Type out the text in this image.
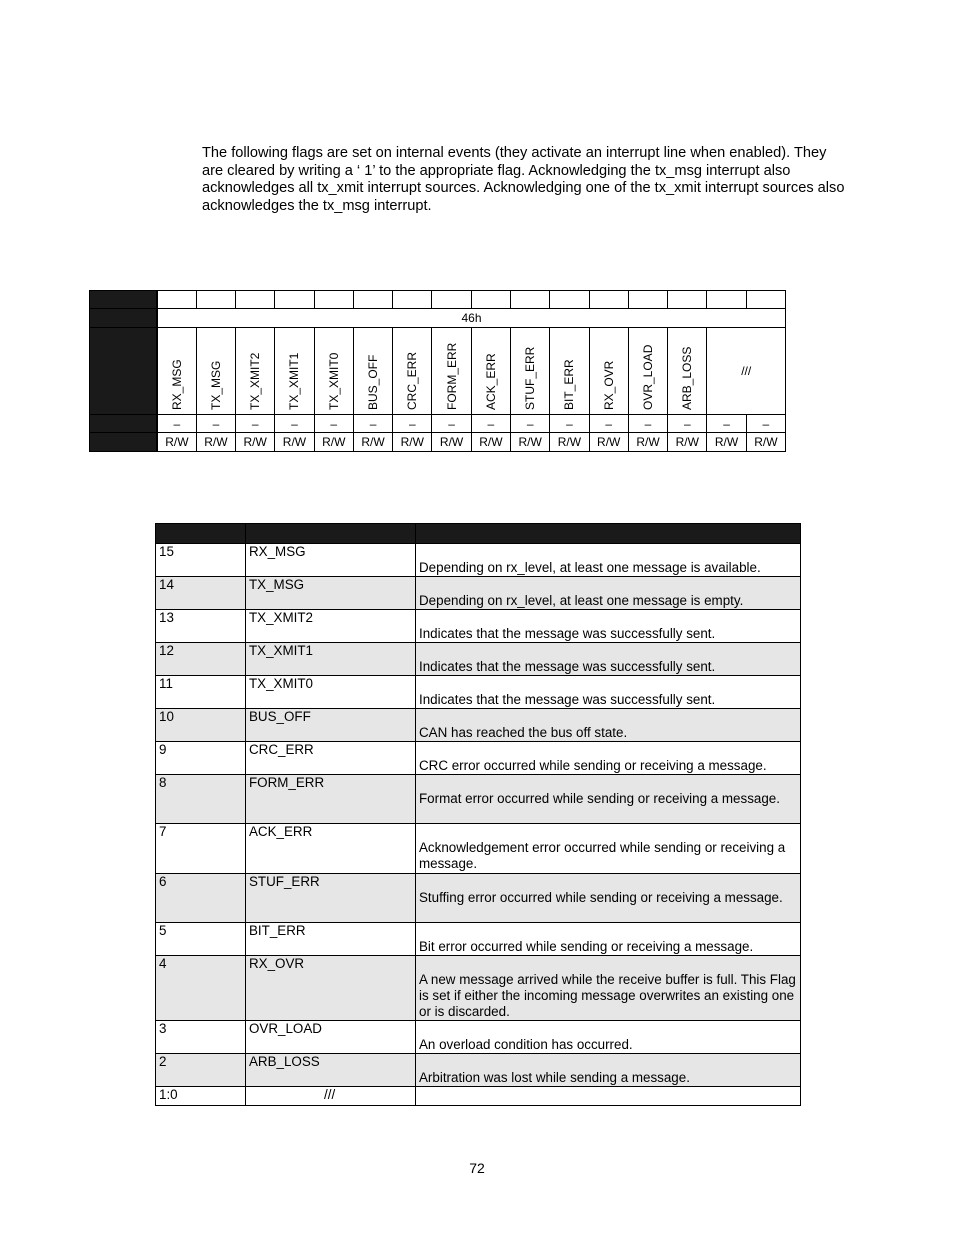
The following flags are set on internal events (they activate an interrupt line when enabled). They are cleared by writing a ‘ 1’ to the appropriate flag. Acknowledging the tx_msg interrupt also acknowledges all tx_xmit interrupt sources. Acknowledging one of the tx_xmit interrupt sources also acknowledges the tx_msg interrupt.

	46h															
	RX_MSG	TX_MSG	TX_XMIT2	TX_XMIT1	TX_XMIT0	BUS_OFF	CRC_ERR	FORM_ERR	ACK_ERR	STUF_ERR	BIT_ERR	RX_OVR	OVR_LOAD	ARB_LOSS	///	
	–	–	–	–	–	–	–	–	–	–	–	–	–	–	–	–
	R/W	R/W	R/W	R/W	R/W	R/W	R/W	R/W	R/W	R/W	R/W	R/W	R/W	R/W	R/W	R/W

15	RX_MSG	Depending on rx_level, at least one message is available.
14	TX_MSG	Depending on rx_level, at least one message is empty.
13	TX_XMIT2	Indicates that the message was successfully sent.
12	TX_XMIT1	Indicates that the message was successfully sent.
11	TX_XMIT0	Indicates that the message was successfully sent.
10	BUS_OFF	CAN has reached the bus off state.
9	CRC_ERR	CRC error occurred while sending or receiving a message.
8	FORM_ERR	Format error occurred while sending or receiving a message.
7	ACK_ERR	Acknowledgement error occurred while sending or receiving a message.
6	STUF_ERR	Stuffing error occurred while sending or receiving a message.
5	BIT_ERR	Bit error occurred while sending or receiving a message.
4	RX_OVR	A new message arrived while the receive buffer is full. This Flag is set if either the incoming message overwrites an existing one or is discarded.
3	OVR_LOAD	An overload condition has occurred.
2	ARB_LOSS	Arbitration was lost while sending a message.
1:0	///	
72
